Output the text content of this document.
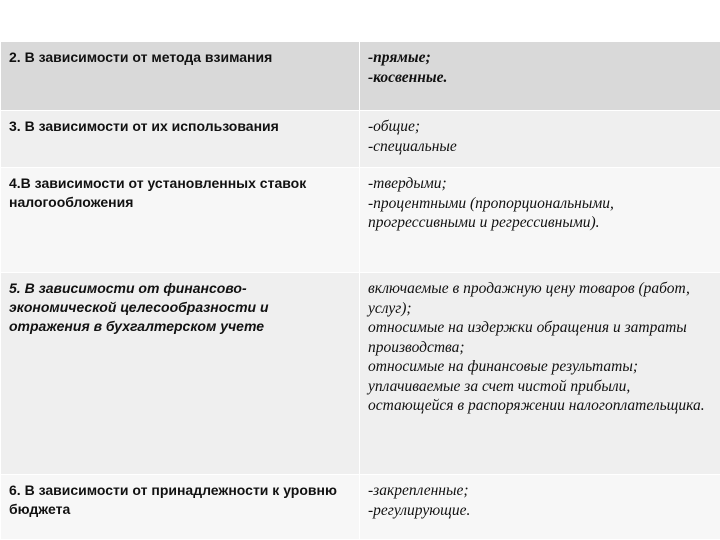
2. В зависимости от метода взимания	-прямые;
-косвенные.

3. В зависимости от их использования	-общие;
-специальные

4.В зависимости от установленных ставок налогообложения	-твердыми;
-процентными (пропорциональными, прогрессивными и регрессивными).

5. В зависимости от финансово-экономической целесообразности и отражения в бухгалтерском учете	включаемые в продажную цену товаров (работ, услуг);
относимые на издержки обращения и затраты производства;
относимые на финансовые результаты;
уплачиваемые за счет чистой прибыли, остающейся в распоряжении налогоплательщика.

6. В зависимости от принадлежности к уровню бюджета	-закрепленные;
-регулирующие.
